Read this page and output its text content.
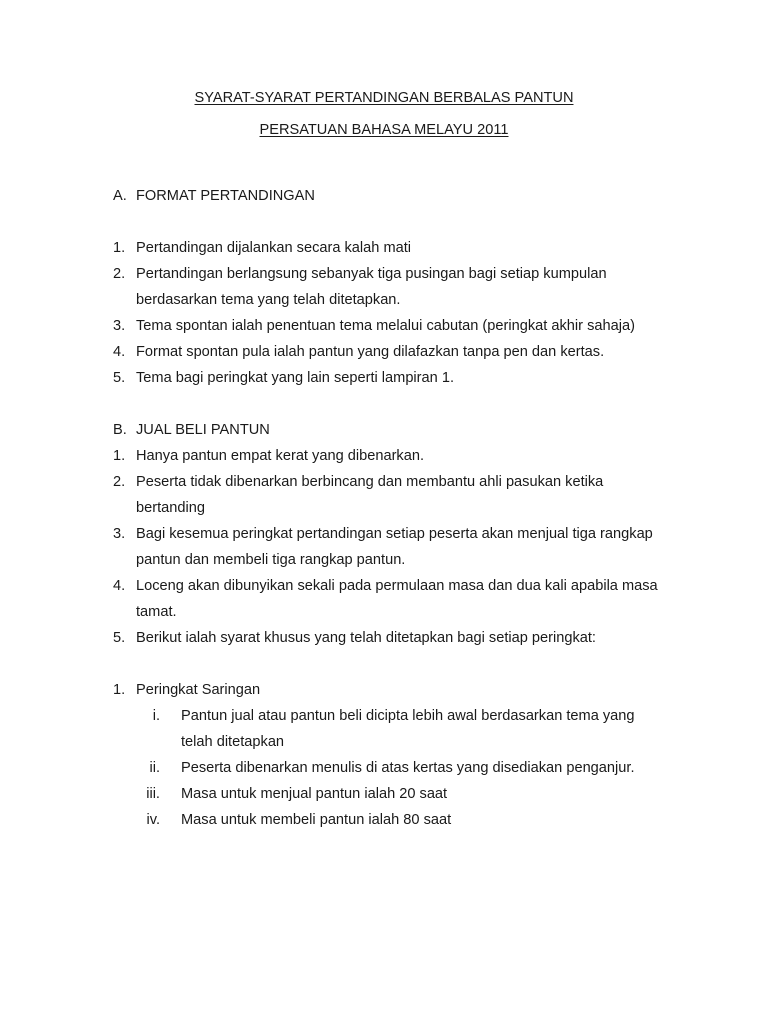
SYARAT-SYARAT PERTANDINGAN BERBALAS PANTUN
PERSATUAN BAHASA MELAYU 2011
A. FORMAT PERTANDINGAN
1. Pertandingan dijalankan secara kalah mati
2. Pertandingan berlangsung sebanyak tiga pusingan bagi setiap kumpulan
berdasarkan tema yang telah ditetapkan.
3. Tema spontan ialah penentuan tema melalui cabutan (peringkat akhir sahaja)
4. Format spontan pula ialah pantun yang dilafazkan tanpa pen dan kertas.
5. Tema bagi peringkat yang lain seperti lampiran 1.
B. JUAL BELI PANTUN
1. Hanya pantun empat kerat yang dibenarkan.
2. Peserta tidak dibenarkan berbincang dan membantu ahli pasukan ketika
bertanding
3. Bagi kesemua peringkat pertandingan setiap peserta akan menjual tiga rangkap
pantun dan membeli tiga rangkap pantun.
4. Loceng akan dibunyikan sekali pada permulaan masa dan dua kali apabila masa
tamat.
5. Berikut ialah syarat khusus yang telah ditetapkan bagi setiap peringkat:
1. Peringkat Saringan
i. Pantun jual atau pantun beli dicipta lebih awal berdasarkan tema yang
telah ditetapkan
ii. Peserta dibenarkan menulis di atas kertas yang disediakan penganjur.
iii. Masa untuk menjual pantun ialah 20 saat
iv. Masa untuk membeli pantun ialah 80 saat
